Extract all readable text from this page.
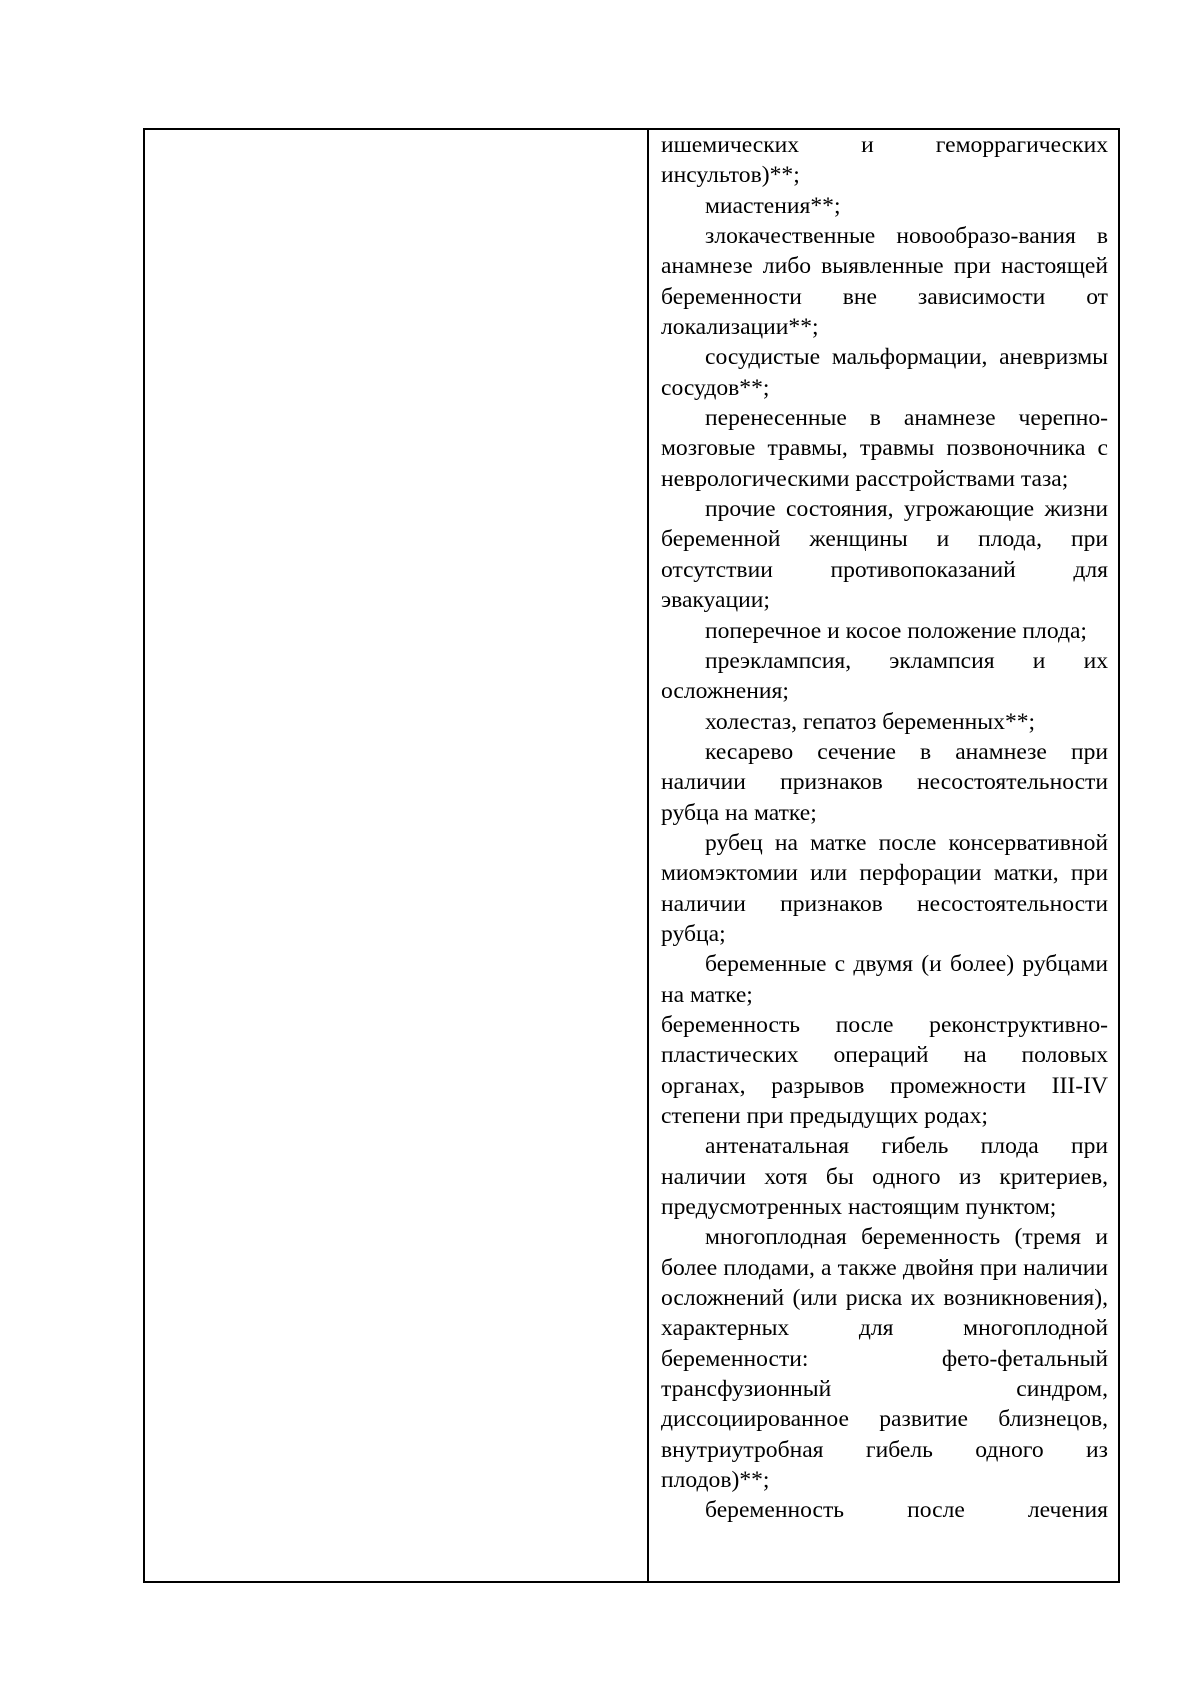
ишемических и геморрагических инсультов)**;

миастения**;

злокачественные новообразо-вания в анамнезе либо выявленные при настоящей беременности вне зависимости от локализации**;

сосудистые мальформации, аневризмы сосудов**;

перенесенные в анамнезе черепно-мозговые травмы, травмы позвоночника с неврологическими расстройствами таза;

прочие состояния, угрожающие жизни беременной женщины и плода, при отсутствии противопоказаний для эвакуации;

поперечное и косое положение плода;

преэклампсия, эклампсия и их осложнения;

холестаз, гепатоз беременных**;

кесарево сечение в анамнезе при наличии признаков несостоятельности рубца на матке;

рубец на матке после консервативной миомэктомии или перфорации матки, при наличии признаков несостоятельности рубца;

беременные с двумя (и более) рубцами на матке;

беременность после реконструктивно-пластических операций на половых органах, разрывов промежности III-IV степени при предыдущих родах;

антенатальная гибель плода при наличии хотя бы одного из критериев, предусмотренных настоящим пунктом;

многоплодная беременность (тремя и более плодами, а также двойня при наличии осложнений (или риска их возникновения), характерных для многоплодной беременности: фето-фетальный трансфузионный синдром, диссоциированное развитие близнецов, внутриутробная гибель одного из плодов)**;

беременность после лечения
